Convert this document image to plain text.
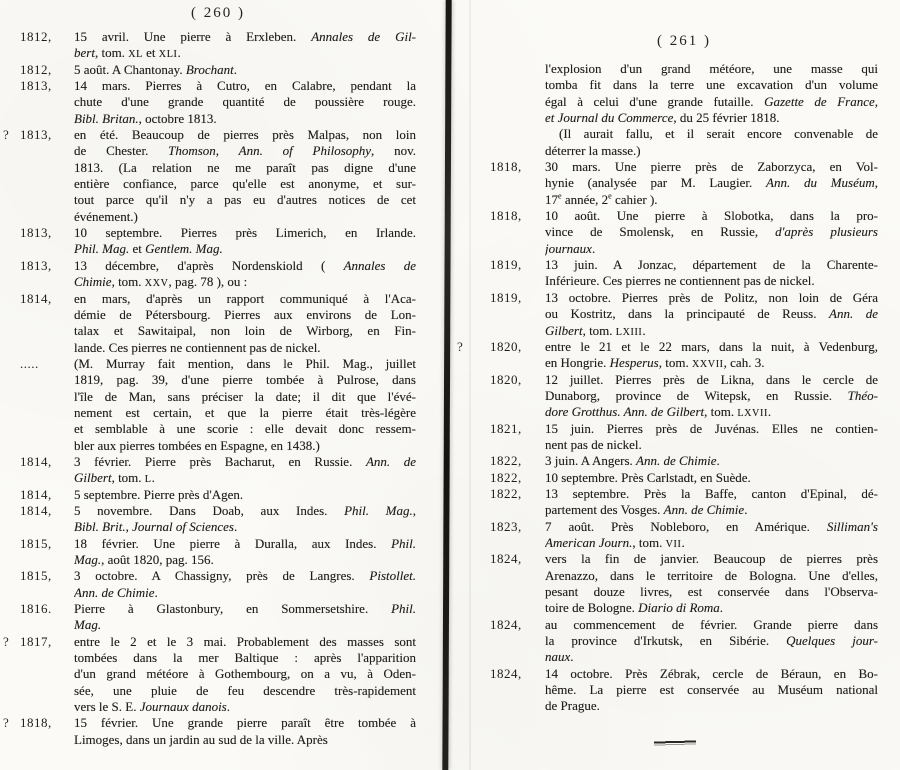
( 260 )
( 261 )
1812, 15 avril. Une pierre à Erxleben. Annales de Gil-
bert, tom. XL et XLI.
1812, 5 août. A Chantonay. Brochant.
1813, 14 mars. Pierres à Cutro, en Calabre, pendant la
chute d'une grande quantité de poussière rouge.
Bibl. Britan., octobre 1813.
? 1813, en été. Beaucoup de pierres près Malpas, non loin
de Chester. Thomson, Ann. of Philosophy, nov.
1813. (La relation ne me paraît pas digne d'une
entière confiance, parce qu'elle est anonyme, et sur-
tout parce qu'il n'y a pas eu d'autres notices de cet
événement.)
1813, 10 septembre. Pierres près Limerich, en Irlande.
Phil. Mag. et Gentlem. Mag.
1813, 13 décembre, d'après Nordenskiold ( Annales de
Chimie, tom. XXV, pag. 78 ), ou :
1814, en mars, d'après un rapport communiqué à l'Aca-
démie de Pétersbourg. Pierres aux environs de Lon-
talax et Sawitaipal, non loin de Wirborg, en Fin-
lande. Ces pierres ne contiennent pas de nickel.
.....	(M. Murray fait mention, dans le Phil. Mag., juillet
1819, pag. 39, d'une pierre tombée à Pulrose, dans
l'île de Man, sans préciser la date; il dit que l'évé-
nement est certain, et que la pierre était très-légère
et semblable à une scorie : elle devait donc ressem-
bler aux pierres tombées en Espagne, en 1438.)
1814, 3 février. Pierre près Bacharut, en Russie. Ann. de
Gilbert, tom. L.
1814, 5 septembre. Pierre près d'Agen.
1814, 5 novembre. Dans Doab, aux Indes. Phil. Mag.,
Bibl. Brit., Journal of Sciences.
1815, 18 février. Une pierre à Duralla, aux Indes. Phil.
Mag., août 1820, pag. 156.
1815, 3 octobre. A Chassigny, près de Langres. Pistollet.
Ann. de Chimie.
1816. Pierre à Glastonbury, en Sommersetshire. Phil.
Mag.
? 1817, entre le 2 et le 3 mai. Probablement des masses sont
tombées dans la mer Baltique : après l'apparition
d'un grand météore à Gothembourg, on a vu, à Oden-
sée, une pluie de feu descendre très-rapidement
vers le S. E. Journaux danois.
? 1818, 15 février. Une grande pierre paraît être tombée à
Limoges, dans un jardin au sud de la ville. Après
l'explosion d'un grand météore, une masse qui
tomba fit dans la terre une excavation d'un volume
égal à celui d'une grande futaille. Gazette de France,
et Journal du Commerce, du 25 février 1818.
(Il aurait fallu, et il serait encore convenable de
déterrer la masse.)
1818, 30 mars. Une pierre près de Zaborzyca, en Vol-
hynie (analysée par M. Laugier. Ann. du Muséum,
17e année, 2e cahier ).
1818, 10 août. Une pierre à Slobotka, dans la pro-
vince de Smolensk, en Russie, d'après plusieurs
journaux.
1819, 13 juin. A Jonzac, département de la Charente-
Inférieure. Ces pierres ne contiennent pas de nickel.
1819, 13 octobre. Pierres près de Politz, non loin de Géra
ou Kostritz, dans la principauté de Reuss. Ann. de
Gilbert, tom. LXIII.
? 1820, entre le 21 et le 22 mars, dans la nuit, à Vedenburg,
en Hongrie. Hesperus, tom. XXVII, cah. 3.
1820, 12 juillet. Pierres près de Likna, dans le cercle de
Dunaborg, province de Witepsk, en Russie. Théo-
dore Grotthus. Ann. de Gilbert, tom. LXVII.
1821, 15 juin. Pierres près de Juvénas. Elles ne contien-
nent pas de nickel.
1822, 3 juin. A Angers. Ann. de Chimie.
1822, 10 septembre. Près Carlstadt, en Suède.
1822, 13 septembre. Près la Baffe, canton d'Epinal, dé-
partement des Vosges. Ann. de Chimie.
1823, 7 août. Près Nobleboro, en Amérique. Silliman's
American Journ., tom. VII.
1824, vers la fin de janvier. Beaucoup de pierres près
Arenazzo, dans le territoire de Bologna. Une d'elles,
pesant douze livres, est conservée dans l'Observa-
toire de Bologne. Diario di Roma.
1824, au commencement de février. Grande pierre dans
la province d'Irkutsk, en Sibérie. Quelques jour-
naux.
1824, 14 octobre. Près Zébrak, cercle de Béraun, en Bo-
hême. La pierre est conservée au Muséum national
de Prague.
